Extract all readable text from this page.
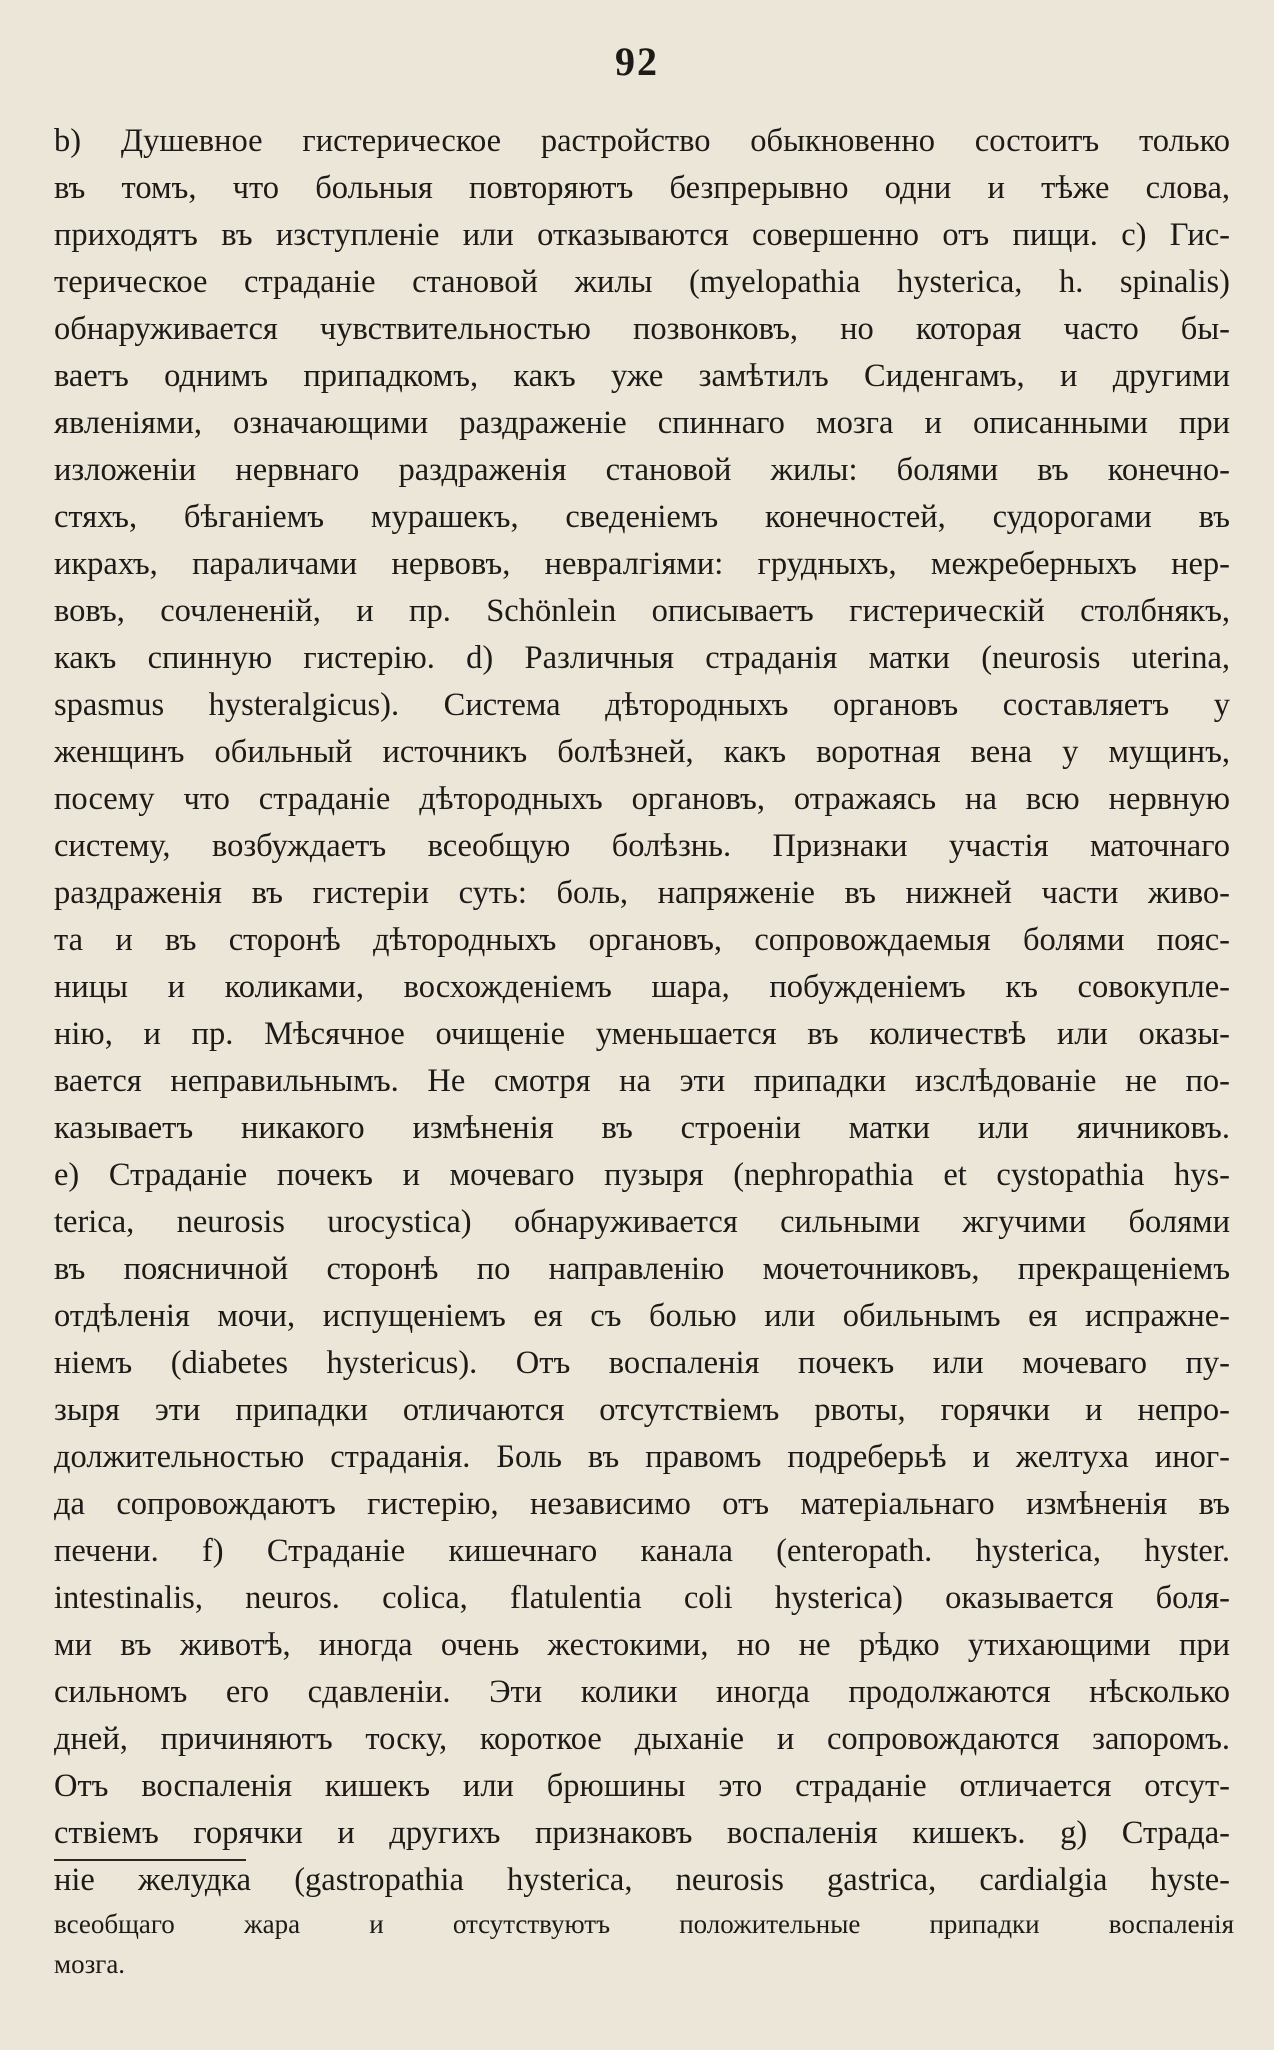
92
b) Душевное гистерическое растройство обыкновенно состоитъ только
въ томъ, что больныя повторяютъ безпрерывно одни и тѣже слова,
приходятъ въ изступленіе или отказываются совершенно отъ пищи. c) Гис-
терическое страданіе становой жилы (myelopathia hysterica, h. spinalis)
обнаруживается чувствительностью позвонковъ, но которая часто бы-
ваетъ однимъ припадкомъ, какъ уже замѣтилъ Сиденгамъ, и другими
явленіями, означающими раздраженіе спиннаго мозга и описанными при
изложеніи нервнаго раздраженія становой жилы: болями въ конечно-
стяхъ, бѣганіемъ мурашекъ, сведеніемъ конечностей, судорогами въ
икрахъ, параличами нервовъ, невралгіями: грудныхъ, межреберныхъ нер-
вовъ, сочлененій, и пр. Schönlein описываетъ гистерическій столбнякъ,
какъ спинную гистерію. d) Различныя страданія матки (neurosis uterina,
spasmus hysteralgicus). Система дѣтородныхъ органовъ составляетъ у
женщинъ обильный источникъ болѣзней, какъ воротная вена у мущинъ,
посему что страданіе дѣтородныхъ органовъ, отражаясь на всю нервную
систему, возбуждаетъ всеобщую болѣзнь. Признаки участія маточнаго
раздраженія въ гистеріи суть: боль, напряженіе въ нижней части живо-
та и въ сторонѣ дѣтородныхъ органовъ, сопровождаемыя болями пояс-
ницы и коликами, восхожденіемъ шара, побужденіемъ къ совокупле-
нію, и пр. Мѣсячное очищеніе уменьшается въ количествѣ или оказы-
вается неправильнымъ. Не смотря на эти припадки изслѣдованіе не по-
казываетъ никакого измѣненія въ строеніи матки или яичниковъ.
e) Страданіе почекъ и мочеваго пузыря (nephropathia et cystopathia hys-
terica, neurosis urocystica) обнаруживается сильными жгучими болями
въ поясничной сторонѣ по направленію мочеточниковъ, прекращеніемъ
отдѣленія мочи, испущеніемъ ея съ болью или обильнымъ ея испражне-
ніемъ (diabetes hystericus). Отъ воспаленія почекъ или мочеваго пу-
зыря эти припадки отличаются отсутствіемъ рвоты, горячки и непро-
должительностью страданія. Боль въ правомъ подреберьѣ и желтуха иног-
да сопровождаютъ гистерію, независимо отъ матеріальнаго измѣненія въ
печени. f) Страданіе кишечнаго канала (enteropath. hysterica, hyster.
intestinalis, neuros. colica, flatulentia coli hysterica) оказывается боля-
ми въ животѣ, иногда очень жестокими, но не рѣдко утихающими при
сильномъ его сдавленіи. Эти колики иногда продолжаются нѣсколько
дней, причиняютъ тоску, короткое дыханіе и сопровождаются запоромъ.
Отъ воспаленія кишекъ или брюшины это страданіе отличается отсут-
ствіемъ горячки и другихъ признаковъ воспаленія кишекъ. g) Страда-
ніе желудка (gastropathia hysterica, neurosis gastrica, cardialgia hyste-
всеобщаго жара и отсутствуютъ положительные припадки воспаленія
мозга.
